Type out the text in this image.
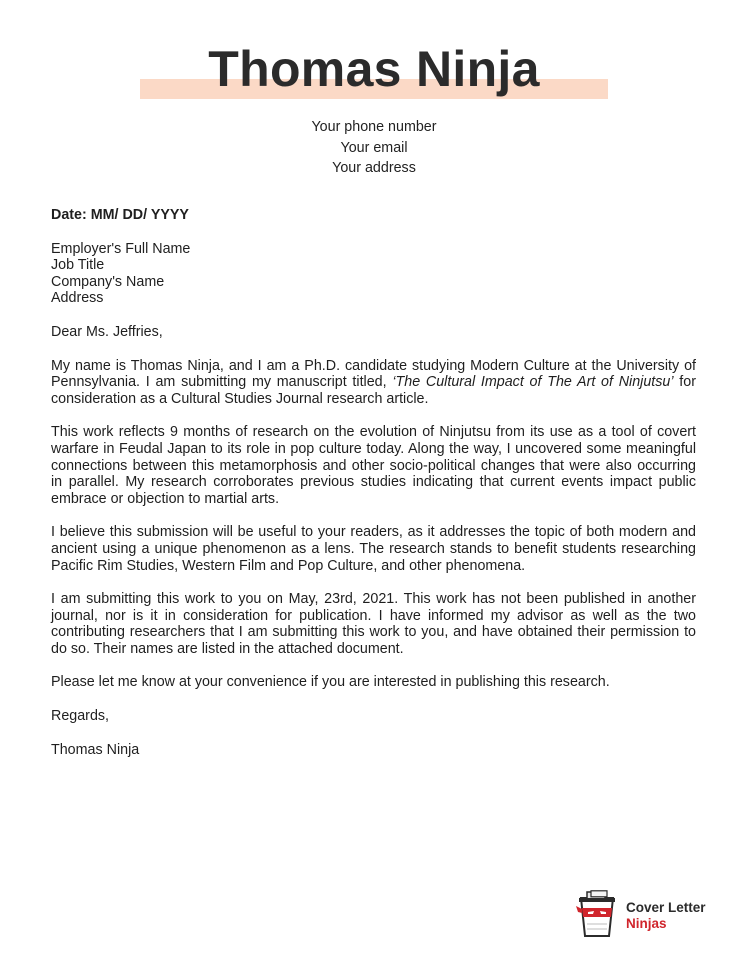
Thomas Ninja
Your phone number
Your email
Your address

Date: MM/ DD/ YYYY

Employer's Full Name
Job Title
Company's Name
Address

Dear Ms. Jeffries,

My name is Thomas Ninja, and I am a Ph.D. candidate studying Modern Culture at the University of Pennsylvania. I am submitting my manuscript titled, ‘The Cultural Impact of The Art of Ninjutsu’ for consideration as a Cultural Studies Journal research article.

This work reflects 9 months of research on the evolution of Ninjutsu from its use as a tool of covert warfare in Feudal Japan to its role in pop culture today. Along the way, I uncovered some meaningful connections between this metamorphosis and other socio-political changes that were also occurring in parallel. My research corroborates previous studies indicating that current events impact public embrace or objection to martial arts.

I believe this submission will be useful to your readers, as it addresses the topic of both modern and ancient using a unique phenomenon as a lens. The research stands to benefit students researching Pacific Rim Studies, Western Film and Pop Culture, and other phenomena.

I am submitting this work to you on May, 23rd, 2021. This work has not been published in another journal, nor is it in consideration for publication. I have informed my advisor as well as the two contributing researchers that I am submitting this work to you, and have obtained their permission to do so. Their names are listed in the attached document.

Please let me know at your convenience if you are interested in publishing this research.

Regards,

Thomas Ninja

Cover Letter
Ninjas
